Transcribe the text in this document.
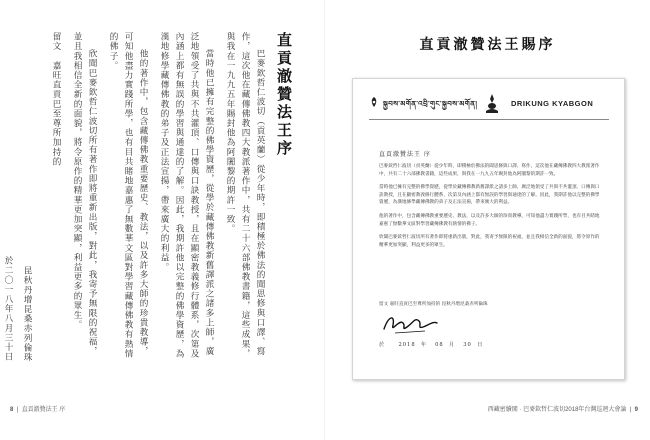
直貢澈贊法王序

巴麥欽哲仁波切（貢英蘭）從少年時，即積極於佛法的聞思修與口譯、寫作，這次他在藏傳佛教四大教派著作中，共有二十六部佛教書籍，這些成果，與我在一九九五年賜封他為阿闍黎的期許一致。

當時他已擁有完整的佛學資歷，從學於藏傳佛教新舊譯派之諸多上師，廣泛地領受了共與不共灌頂、口傳與口訣教授，且在顯密教義修行體系，次第及內涵上都有無誤的學習與通達的了解。因此，我期許他以完整的佛學資歷，為漢地修學藏傳佛教的弟子及正法宣揚，帶來廣大的利益。

他的著作中，包含藏傳佛教重要歷史、教法，以及許多大師的珍貴教導，可知他盡力實踐所學，也有目共睹地嘉惠了無數華文區對學習藏傳佛教有熱情的佛子。

欣聞巴麥欽哲仁波切所有著作即將重新出版，對此，我寄予無限的祝福，並且我相信全新的面貌，將令原作的精華更加突顯，利益更多的眾生。

留文　嘉旺直貢巴至尊所加持的
昆秋丹增昆桑赤列倫珠
於二〇一八年八月三十日
8  |  直貢澈贊法王 序
直貢澈贊法王賜序
སྐྱབས་མགོན་འབྲི་གུང་སྐྱབས་མགོན།	DRIKUNG KYABGON
直貢澈贊法王 序

巴麥欽哲仁波切（貢英蘭）從少年時，即積極於佛法的聞思修與口譯、寫作，這次他在藏傳佛教四大教派著作中，共有二十六部佛教書籍，這些成果，與我在一九九五年賜封他為阿闍黎的期許一致。

當時他已擁有完整的佛學資歷，從學於藏傳佛教新舊譯派之諸多上師，廣泛地領受了共與不共灌頂、口傳與口訣教授，且在顯密教義修行體系，次第及內涵上都有無誤的學習與通達的了解。因此，我期許他以完整的佛學資歷，為漢地修學藏傳佛教的弟子及正法宣揚，帶來廣大的利益。

他的著作中，包含藏傳佛教重要歷史、教法，以及許多大師的珍貴教導，可知他盡力實踐所學，也有目共睹地嘉惠了無數華文區對學習藏傳佛教有熱情的佛子。

欣聞巴麥欽哲仁波切所有著作即將重新出版，對此，我寄予無限的祝福，並且我相信全新的面貌，將令原作的精華更加突顯，利益更多的眾生。

留文 嘉旺直貢巴至尊所加持的 昆秋丹增昆桑赤列倫珠
於	2018 年 08 月 30 日
西藏密續閣 · 巴麥欽哲仁波切2018年台灣巡迴大會論  |  9
